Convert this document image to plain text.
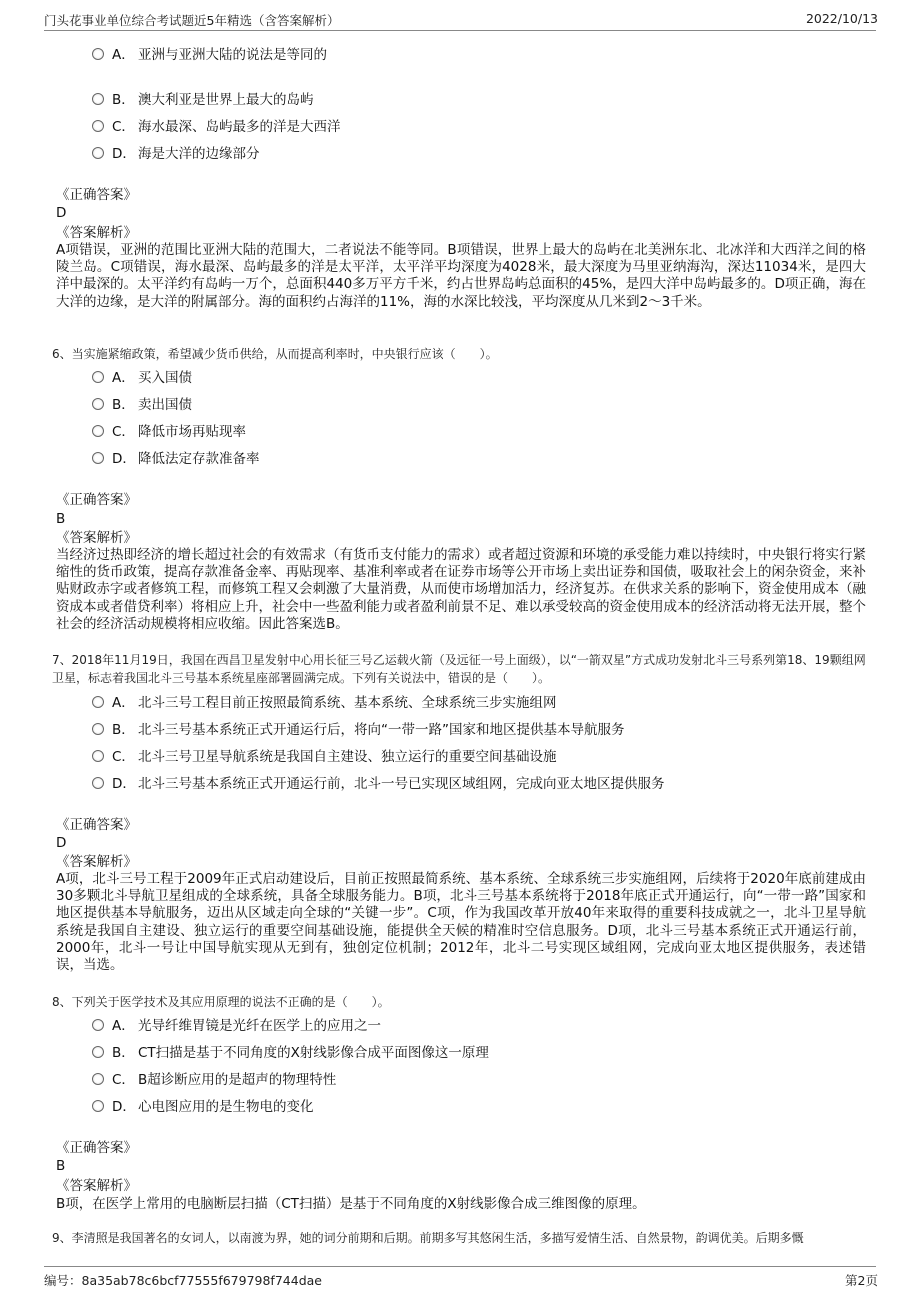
门头花事业单位综合考试题近5年精选（含答案解析）	2022/10/13
A． 亚洲与亚洲大陆的说法是等同的
B． 澳大利亚是世界上最大的岛屿
C． 海水最深、岛屿最多的洋是大西洋
D． 海是大洋的边缘部分
《正确答案》
D
《答案解析》
A项错误，亚洲的范围比亚洲大陆的范围大，二者说法不能等同。B项错误，世界上最大的岛屿在北美洲东北、北冰洋和大西洋之间的格陵兰岛。C项错误，海水最深、岛屿最多的洋是太平洋，太平洋平均深度为4028米，最大深度为马里亚纳海沟，深达11034米，是四大洋中最深的。太平洋约有岛屿一万个，总面积440多万平方千米，约占世界岛屿总面积的45%，是四大洋中岛屿最多的。D项正确，海在大洋的边缘，是大洋的附属部分。海的面积约占海洋的11%，海的水深比较浅，平均深度从几米到2～3千米。
6、当实施紧缩政策，希望减少货币供给，从而提高利率时，中央银行应该（　　）。
A． 买入国债
B． 卖出国债
C． 降低市场再贴现率
D． 降低法定存款准备率
《正确答案》
B
《答案解析》
当经济过热即经济的增长超过社会的有效需求（有货币支付能力的需求）或者超过资源和环境的承受能力难以持续时，中央银行将实行紧缩性的货币政策，提高存款准备金率、再贴现率、基准利率或者在证券市场等公开市场上卖出证券和国债，吸取社会上的闲杂资金，来补贴财政赤字或者修筑工程，而修筑工程又会刺激了大量消费，从而使市场增加活力，经济复苏。在供求关系的影响下，资金使用成本（融资成本或者借贷利率）将相应上升，社会中一些盈利能力或者盈利前景不足、难以承受较高的资金使用成本的经济活动将无法开展，整个社会的经济活动规模将相应收缩。因此答案选B。
7、2018年11月19日，我国在西昌卫星发射中心用长征三号乙运载火箭（及远征一号上面级），以“一箭双星”方式成功发射北斗三号系列第18、19颗组网卫星，标志着我国北斗三号基本系统星座部署圆满完成。下列有关说法中，错误的是（　　）。
A． 北斗三号工程目前正按照最简系统、基本系统、全球系统三步实施组网
B． 北斗三号基本系统正式开通运行后，将向“一带一路”国家和地区提供基本导航服务
C． 北斗三号卫星导航系统是我国自主建设、独立运行的重要空间基础设施
D． 北斗三号基本系统正式开通运行前，北斗一号已实现区域组网，完成向亚太地区提供服务
《正确答案》
D
《答案解析》
A项，北斗三号工程于2009年正式启动建设后，目前正按照最简系统、基本系统、全球系统三步实施组网，后续将于2020年底前建成由30多颗北斗导航卫星组成的全球系统，具备全球服务能力。B项，北斗三号基本系统将于2018年底正式开通运行，向“一带一路”国家和地区提供基本导航服务，迈出从区域走向全球的“关键一步”。C项，作为我国改革开放40年来取得的重要科技成就之一，北斗卫星导航系统是我国自主建设、独立运行的重要空间基础设施，能提供全天候的精准时空信息服务。D项，北斗三号基本系统正式开通运行前，2000年，北斗一号让中国导航实现从无到有，独创定位机制；2012年，北斗二号实现区域组网，完成向亚太地区提供服务，表述错误，当选。
8、下列关于医学技术及其应用原理的说法不正确的是（　　）。
A． 光导纤维胃镜是光纤在医学上的应用之一
B． CT扫描是基于不同角度的X射线影像合成平面图像这一原理
C． B超诊断应用的是超声的物理特性
D． 心电图应用的是生物电的变化
《正确答案》
B
《答案解析》
B项，在医学上常用的电脑断层扫描（CT扫描）是基于不同角度的X射线影像合成三维图像的原理。
9、李清照是我国著名的女词人，以南渡为界，她的词分前期和后期。前期多写其悠闲生活，多描写爱情生活、自然景物，韵调优美。后期多慨
编号：8a35ab78c6bcf77555f679798f744dae	第2页
